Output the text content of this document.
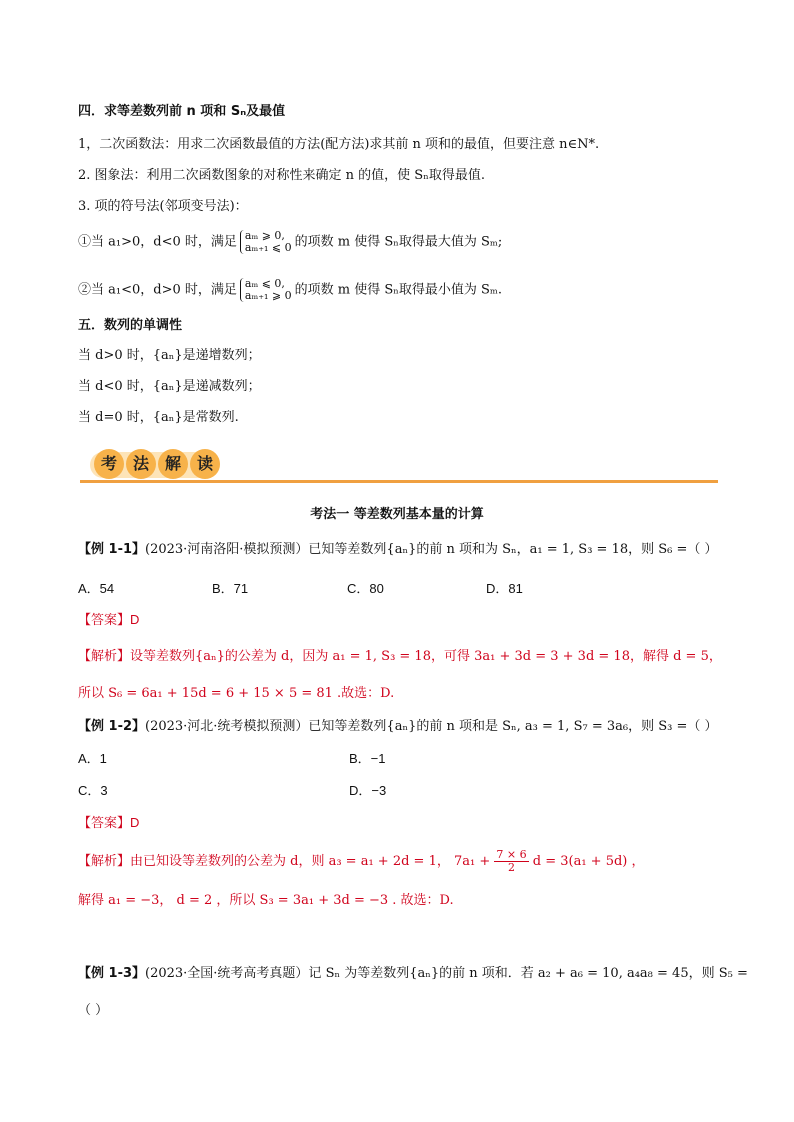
四．求等差数列前 n 项和 Sₙ及最值
1，二次函数法：用求二次函数最值的方法(配方法)求其前 n 项和的最值，但要注意 n∈N*.
2. 图象法：利用二次函数图象的对称性来确定 n 的值，使 Sₙ取得最值.
3. 项的符号法(邻项变号法)：
①当 a₁>0，d<0 时，满足 aₘ ⩾ 0,
aₘ₊₁ ⩽ 0 的项数 m 使得 Sₙ取得最大值为 Sₘ;
②当 a₁<0，d>0 时，满足 aₘ ⩽ 0,
aₘ₊₁ ⩾ 0 的项数 m 使得 Sₙ取得最小值为 Sₘ.
五．数列的单调性
当 d>0 时，{aₙ}是递增数列；
当 d<0 时，{aₙ}是递减数列；
当 d=0 时，{aₙ}是常数列.
考 法 解 读
考法一 等差数列基本量的计算
【例 1-1】(2023·河南洛阳·模拟预测）已知等差数列{aₙ}的前 n 项和为 Sₙ，a₁ = 1, S₃ = 18，则 S₆ =（ ）
A．54	B．71	C．80	D．81
【答案】D
【解析】设等差数列{aₙ}的公差为 d，因为 a₁ = 1, S₃ = 18，可得 3a₁ + 3d = 3 + 3d = 18，解得 d = 5，
所以 S₆ = 6a₁ + 15d = 6 + 15 × 5 = 81 .故选：D.
【例 1-2】(2023·河北·统考模拟预测）已知等差数列{aₙ}的前 n 项和是 Sₙ, a₃ = 1, S₇ = 3a₆，则 S₃ =（ ）
A．1	B．−1
C．3	D．−3
【答案】D
【解析】由已知设等差数列的公差为 d，则 a₃ = a₁ + 2d = 1， $7a_1 + \frac{7 \times 6}{2}$ d = 3(a₁ + 5d) ，
解得 a₁ = −3， d = 2 ，所以 S₃ = 3a₁ + 3d = −3 . 故选：D.
【例 1-3】(2023·全国·统考高考真题）记 Sₙ 为等差数列{aₙ}的前 n 项和．若 a₂ + a₆ = 10, a₄a₈ = 45，则 S₅ =
（ ）
